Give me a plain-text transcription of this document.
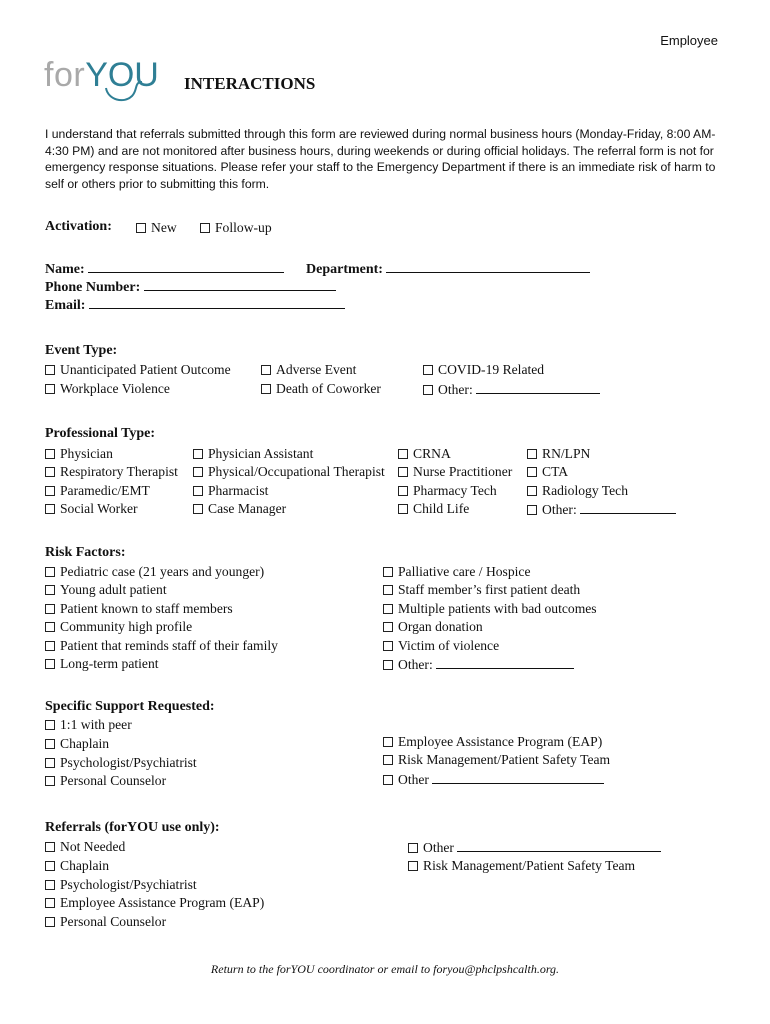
Employee
for YOU INTERACTIONS
I understand that referrals submitted through this form are reviewed during normal business hours (Monday-Friday, 8:00 AM-4:30 PM) and are not monitored after business hours, during weekends or during official holidays. The referral form is not for emergency response situations. Please refer your staff to the Emergency Department if there is an immediate risk of harm to self or others prior to submitting this form.
Activation:	New	Follow-up
Name:	Department:
Phone Number:
Email:
Event Type:
Unanticipated Patient Outcome
Workplace Violence
Adverse Event
Death of Coworker
COVID-19 Related
Other:
Professional Type:
Physician
Respiratory Therapist
Paramedic/EMT
Social Worker
Physician Assistant
Physical/Occupational Therapist
Pharmacist
Case Manager
CRNA
Nurse Practitioner
Pharmacy Tech
Child Life
RN/LPN
CTA
Radiology Tech
Other:
Risk Factors:
Pediatric case (21 years and younger)
Young adult patient
Patient known to staff members
Community high profile
Patient that reminds staff of their family
Long-term patient
Palliative care / Hospice
Staff member’s first patient death
Multiple patients with bad outcomes
Organ donation
Victim of violence
Other:
Specific Support Requested:
1:1 with peer
Chaplain
Psychologist/Psychiatrist
Personal Counselor
Employee Assistance Program (EAP)
Risk Management/Patient Safety Team
Other
Referrals (forYOU use only):
Not Needed
Chaplain
Psychologist/Psychiatrist
Employee Assistance Program (EAP)
Personal Counselor
Other
Risk Management/Patient Safety Team
Return to the forYOU coordinator or email to foryou@phclpshcalth.org.
